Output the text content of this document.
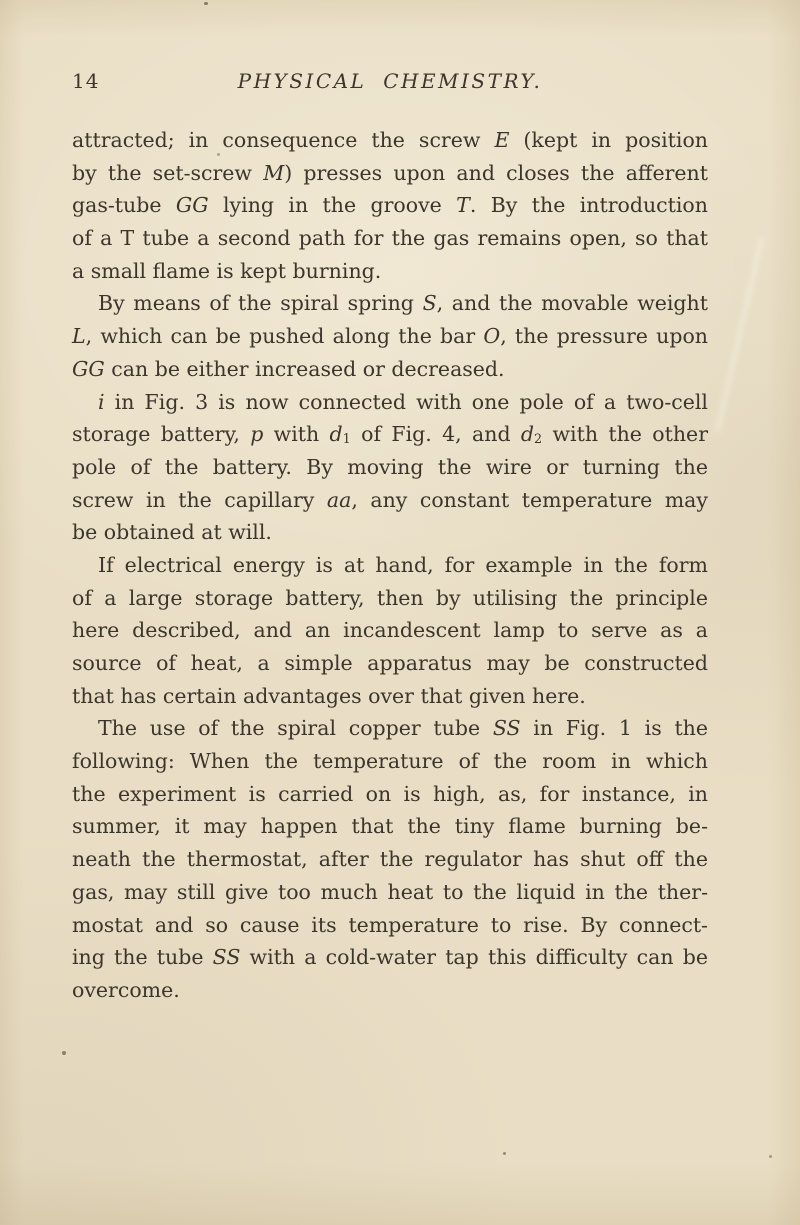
14	PHYSICAL CHEMISTRY.
attracted; in consequence the screw E (kept in position
by the set-screw M) presses upon and closes the afferent
gas-tube GG lying in the groove T. By the introduction
of a T tube a second path for the gas remains open, so that
a small flame is kept burning.
By means of the spiral spring S, and the movable weight
L, which can be pushed along the bar O, the pressure upon
GG can be either increased or decreased.
i in Fig. 3 is now connected with one pole of a two-cell
storage battery, p with d1 of Fig. 4, and d2 with the other
pole of the battery. By moving the wire or turning the
screw in the capillary aa, any constant temperature may
be obtained at will.
If electrical energy is at hand, for example in the form
of a large storage battery, then by utilising the principle
here described, and an incandescent lamp to serve as a
source of heat, a simple apparatus may be constructed
that has certain advantages over that given here.
The use of the spiral copper tube SS in Fig. 1 is the
following: When the temperature of the room in which
the experiment is carried on is high, as, for instance, in
summer, it may happen that the tiny flame burning be-
neath the thermostat, after the regulator has shut off the
gas, may still give too much heat to the liquid in the ther-
mostat and so cause its temperature to rise. By connect-
ing the tube SS with a cold-water tap this difficulty can be
overcome.
